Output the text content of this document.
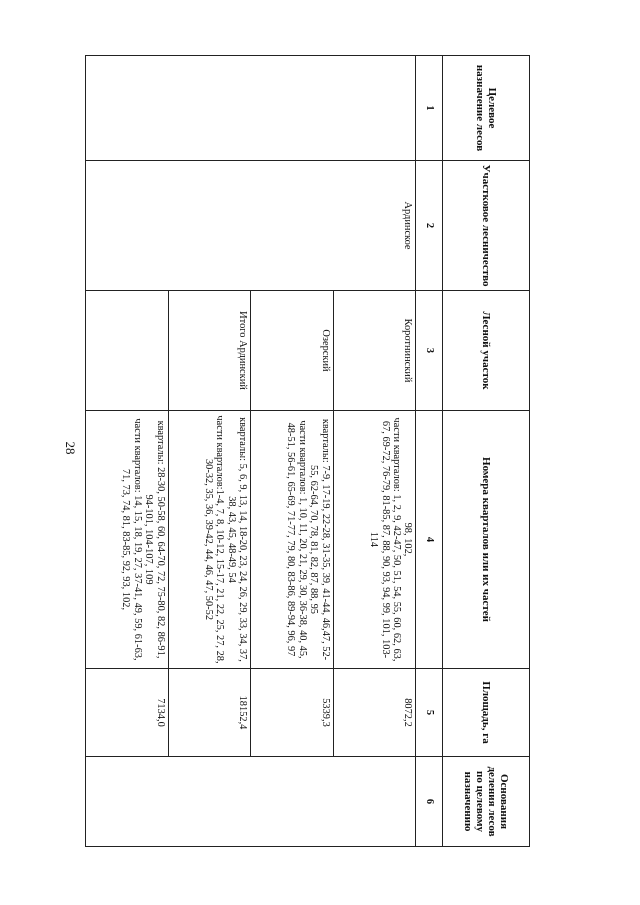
28
Целевое назначение лесов	Участковое лесничество	Лесной участок	Номера кварталов или их частей	Площадь, га	Основания деления лесов по целевому назначению
1	2	3	4	5	6
	Ардинское	Коротнинский	98, 102,
части кварталов: 1, 2, 9, 42-47, 50, 51, 54, 55, 60, 62, 63, 67, 69-72, 76-79, 81-85, 87, 88, 90, 93, 94, 99, 101, 103-114	8072,2	
		Озерский	кварталы: 7-9, 17-19, 22-28, 31-35, 39, 41-44, 46,47, 52-55, 62-64, 70, 78, 81, 82, 87, 88, 95
части кварталов: 1, 10, 11, 20, 21, 29, 30, 36-38, 40, 45, 48-51, 56-61, 65-69, 71-77, 79, 80, 83-86, 89-94, 96, 97	5339,3	
		Итого Ардинский	кварталы: 5, 6, 9, 13, 14, 18-20, 23, 24, 26, 29, 33, 34, 37, 38, 43, 45, 48-49, 54
части кварталов:1-4, 7, 8, 10-12, 15-17, 21, 22, 25, 27, 28, 30-32, 35, 36, 39-42, 44, 46, 47, 50-52	18152,4	

			кварталы: 28-30, 50-58, 60, 64-70, 72, 75-80, 82, 86-91, 94-101, 104-107, 109
части кварталов: 14, 15, 18, 19, 27, 37-41, 49, 59, 61-63, 71, 73, 74, 81, 83-85, 92, 93, 102,	7134,0	
